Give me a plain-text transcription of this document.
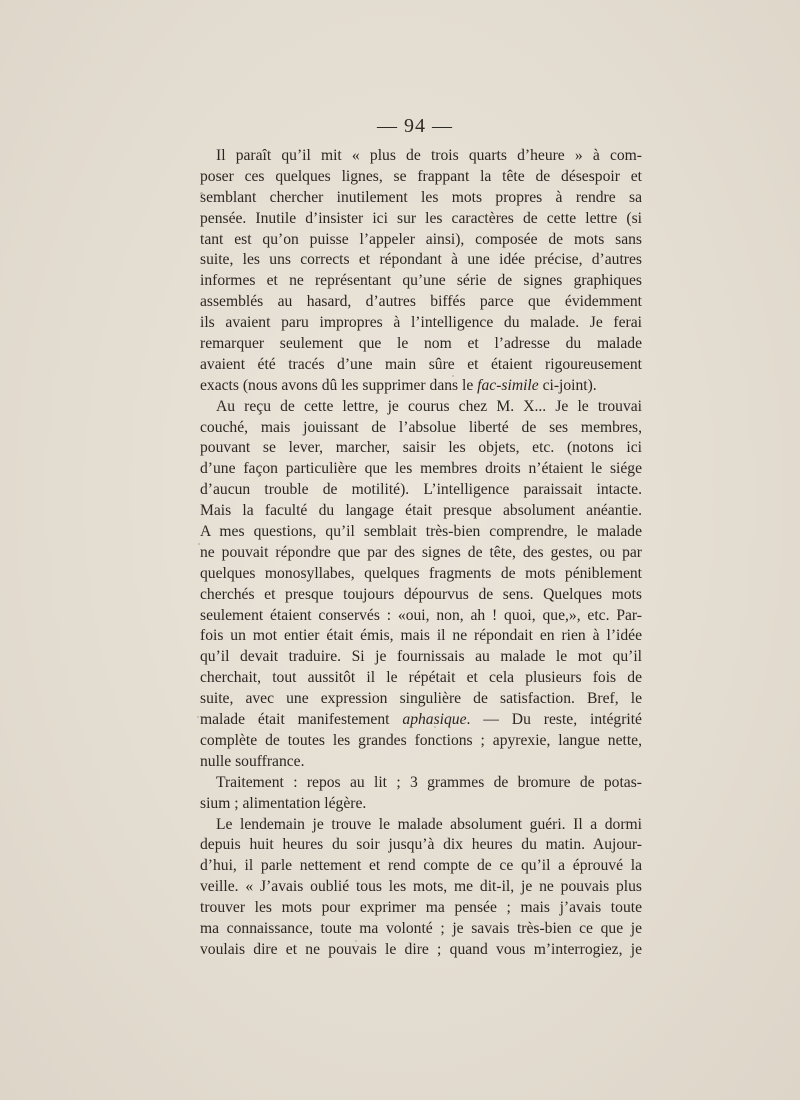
— 94 —
Il paraît qu’il mit « plus de trois quarts d’heure » à com-
poser ces quelques lignes, se frappant la tête de désespoir et
semblant chercher inutilement les mots propres à rendre sa
pensée. Inutile d’insister ici sur les caractères de cette lettre (si
tant est qu’on puisse l’appeler ainsi), composée de mots sans
suite, les uns corrects et répondant à une idée précise, d’autres
informes et ne représentant qu’une série de signes graphiques
assemblés au hasard, d’autres biffés parce que évidemment
ils avaient paru impropres à l’intelligence du malade. Je ferai
remarquer seulement que le nom et l’adresse du malade
avaient été tracés d’une main sûre et étaient rigoureusement
exacts (nous avons dû les supprimer dans le fac-simile ci-joint).
Au reçu de cette lettre, je courus chez M. X... Je le trouvai
couché, mais jouissant de l’absolue liberté de ses membres,
pouvant se lever, marcher, saisir les objets, etc. (notons ici
d’une façon particulière que les membres droits n’étaient le siége
d’aucun trouble de motilité). L’intelligence paraissait intacte.
Mais la faculté du langage était presque absolument anéantie.
A mes questions, qu’il semblait très-bien comprendre, le malade
ne pouvait répondre que par des signes de tête, des gestes, ou par
quelques monosyllabes, quelques fragments de mots péniblement
cherchés et presque toujours dépourvus de sens. Quelques mots
seulement étaient conservés : «oui, non, ah ! quoi, que,», etc. Par-
fois un mot entier était émis, mais il ne répondait en rien à l’idée
qu’il devait traduire. Si je fournissais au malade le mot qu’il
cherchait, tout aussitôt il le répétait et cela plusieurs fois de
suite, avec une expression singulière de satisfaction. Bref, le
malade était manifestement aphasique. — Du reste, intégrité
complète de toutes les grandes fonctions ; apyrexie, langue nette,
nulle souffrance.
Traitement : repos au lit ; 3 grammes de bromure de potas-
sium ; alimentation légère.
Le lendemain je trouve le malade absolument guéri. Il a dormi
depuis huit heures du soir jusqu’à dix heures du matin. Aujour-
d’hui, il parle nettement et rend compte de ce qu’il a éprouvé la
veille. « J’avais oublié tous les mots, me dit-il, je ne pouvais plus
trouver les mots pour exprimer ma pensée ; mais j’avais toute
ma connaissance, toute ma volonté ; je savais très-bien ce que je
voulais dire et ne pouvais le dire ; quand vous m’interrogiez, je
